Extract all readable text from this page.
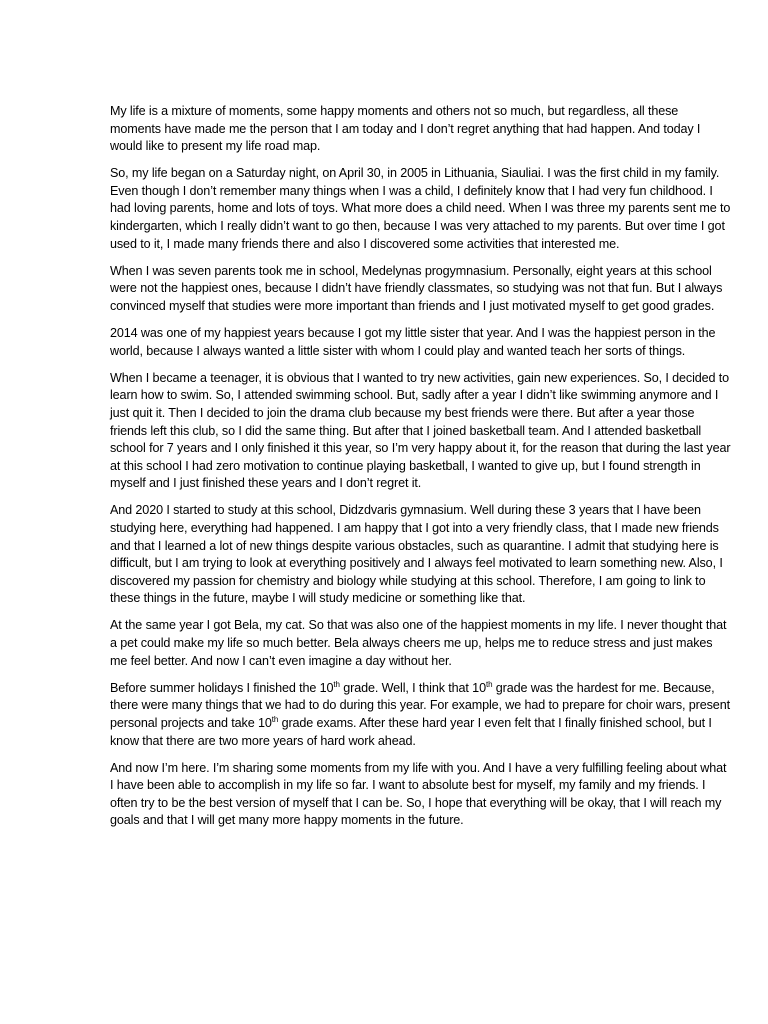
My life is a mixture of moments, some happy moments and others not so much, but regardless, all these moments have made me the person that I am today and I don’t regret anything that had happen. And today I would like to present my life road map.

So, my life began on a Saturday night, on April 30, in 2005 in Lithuania, Siauliai. I was the first child in my family. Even though I don’t remember many things when I was a child, I definitely know that I had very fun childhood. I had loving parents, home and lots of toys. What more does a child need. When I was three my parents sent me to kindergarten, which I really didn’t want to go then, because I was very attached to my parents. But over time I got used to it, I made many friends there and also I discovered some activities that interested me.

When I was seven parents took me in school, Medelynas progymnasium. Personally, eight years at this school were not the happiest ones, because I didn’t have friendly classmates, so studying was not that fun. But I always convinced myself that studies were more important than friends and I just motivated myself to get good grades.

2014 was one of my happiest years because I got my little sister that year. And I was the happiest person in the world, because I always wanted a little sister with whom I could play and wanted teach her sorts of things.

When I became a teenager, it is obvious that I wanted to try new activities, gain new experiences. So, I decided to learn how to swim. So, I attended swimming school. But, sadly after a year I didn’t like swimming anymore and I just quit it. Then I decided to join the drama club because my best friends were there. But after a year those friends left this club, so I did the same thing. But after that I joined basketball team. And I attended basketball school for 7 years and I only finished it this year, so I’m very happy about it, for the reason that during the last year at this school I had zero motivation to continue playing basketball, I wanted to give up, but I found strength in myself and I just finished these years and I don’t regret it.

And 2020 I started to study at this school, Didzdvaris gymnasium. Well during these 3 years that I have been studying here, everything had happened. I am happy that I got into a very friendly class, that I made new friends and that I learned a lot of new things despite various obstacles, such as quarantine. I admit that studying here is difficult, but I am trying to look at everything positively and I always feel motivated to learn something new. Also, I discovered my passion for chemistry and biology while studying at this school. Therefore, I am going to link to these things in the future, maybe I will study medicine or something like that.

At the same year I got Bela, my cat. So that was also one of the happiest moments in my life. I never thought that a pet could make my life so much better. Bela always cheers me up, helps me to reduce stress and just makes me feel better. And now I can’t even imagine a day without her.

Before summer holidays I finished the 10th grade. Well, I think that 10th grade was the hardest for me. Because, there were many things that we had to do during this year. For example, we had to prepare for choir wars, present personal projects and take 10th grade exams. After these hard year I even felt that I finally finished school, but I know that there are two more years of hard work ahead.

And now I’m here. I’m sharing some moments from my life with you. And I have a very fulfilling feeling about what I have been able to accomplish in my life so far. I want to absolute best for myself, my family and my friends. I often try to be the best version of myself that I can be. So, I hope that everything will be okay, that I will reach my goals and that I will get many more happy moments in the future.
